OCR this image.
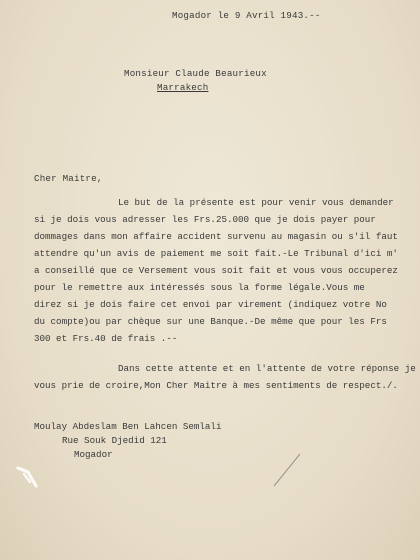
Mogador le 9 Avril 1943.--
Monsieur Claude Beaurieux
Marrakech
Cher Maitre,
Le but de la présente est pour venir vous demander
si je dois vous adresser les Frs.25.000 que je dois payer pour
dommages dans mon affaire accident survenu au magasin ou s'il faut
attendre qu'un avis de paiement me soit fait.-Le Tribunal d'ici m'
a conseillé que ce Versement vous soit fait et vous vous occuperez
pour le remettre aux intéressés sous la forme légale.Vous me
direz si je dois faire cet envoi par virement (indiquez votre No
du compte)ou par chèque sur une Banque.-De même que pour les Frs
300 et Frs.40 de frais .--
Dans cette attente et en l'attente de votre réponse je
vous prie de croire,Mon Cher Maitre à mes sentiments de respect./.
Moulay Abdeslam Ben Lahcen Semlali
Rue Souk Djedid 121
Mogador
